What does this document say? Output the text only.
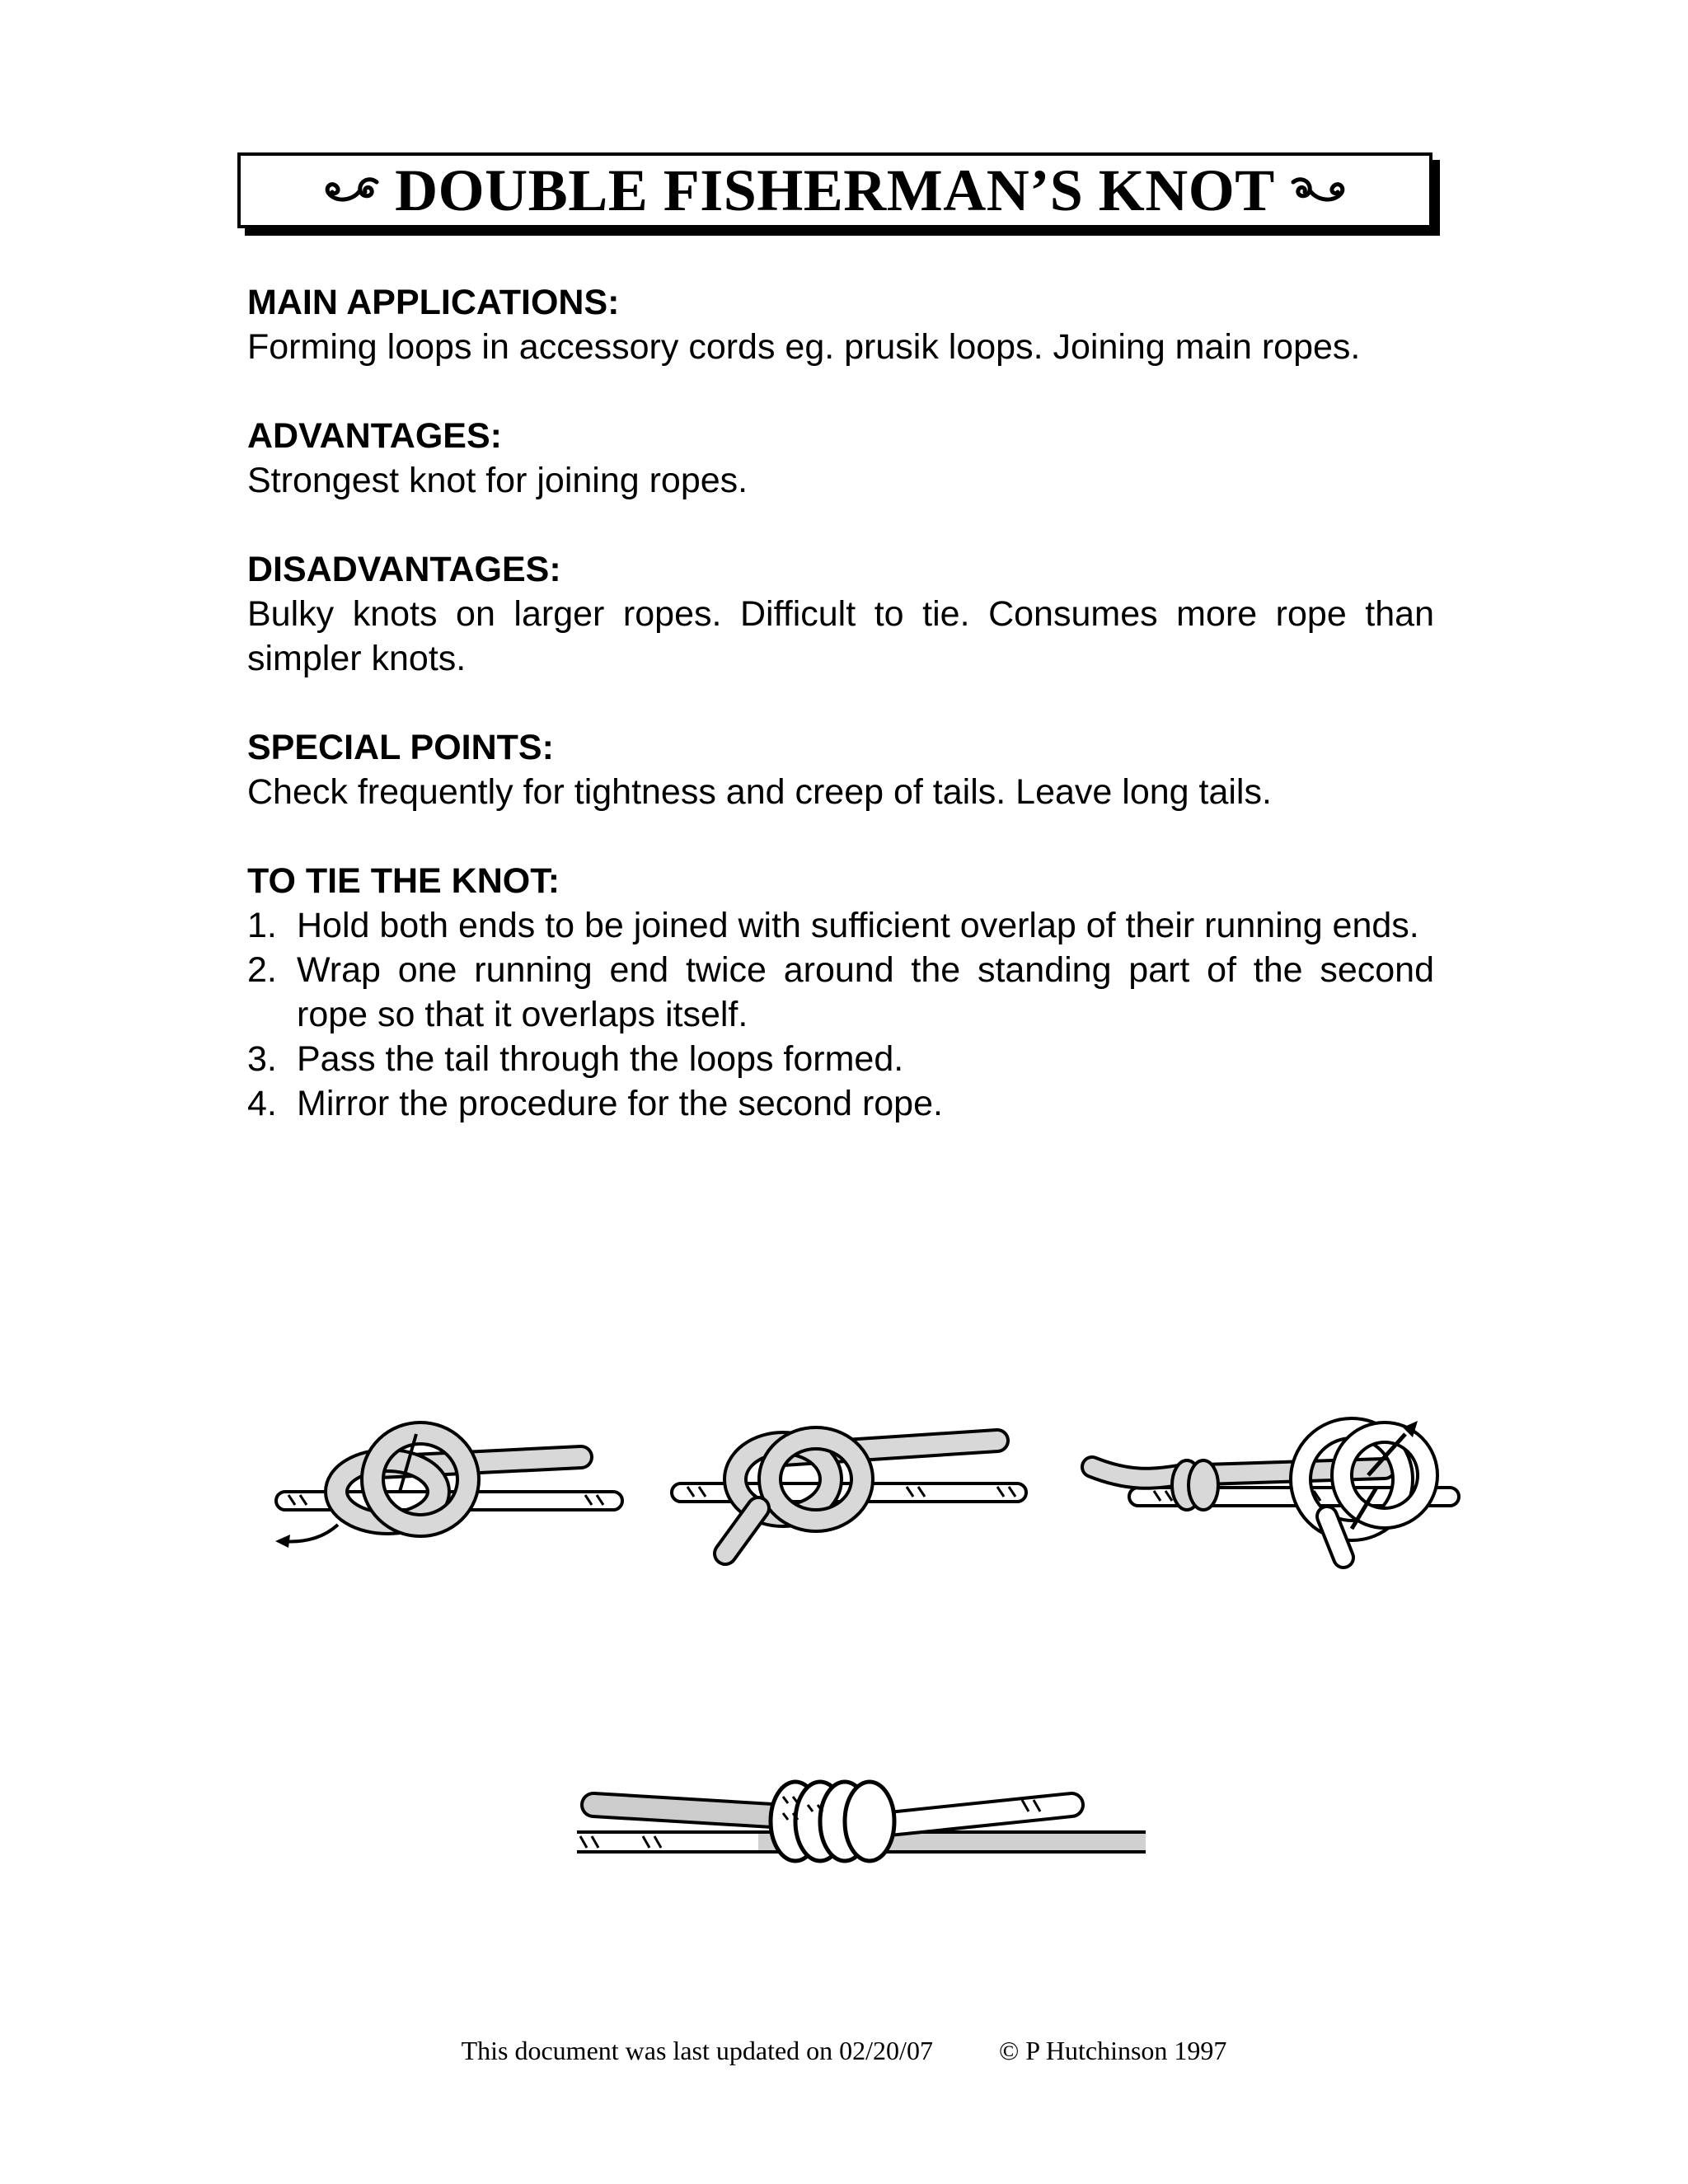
DOUBLE FISHERMAN’S KNOT
MAIN APPLICATIONS:
Forming loops in accessory cords eg. prusik loops. Joining main ropes.
ADVANTAGES:
Strongest knot for joining ropes.
DISADVANTAGES:
Bulky knots on larger ropes. Difficult to tie. Consumes more rope than simpler knots.
SPECIAL POINTS:
Check frequently for tightness and creep of tails. Leave long tails.
TO TIE THE KNOT:
1. Hold both ends to be joined with sufficient overlap of their running ends.
2. Wrap one running end twice around the standing part of the second rope so that it overlaps itself.
3. Pass the tail through the loops formed.
4. Mirror the procedure for the second rope.
This document was last updated on 02/20/07	© P Hutchinson 1997
